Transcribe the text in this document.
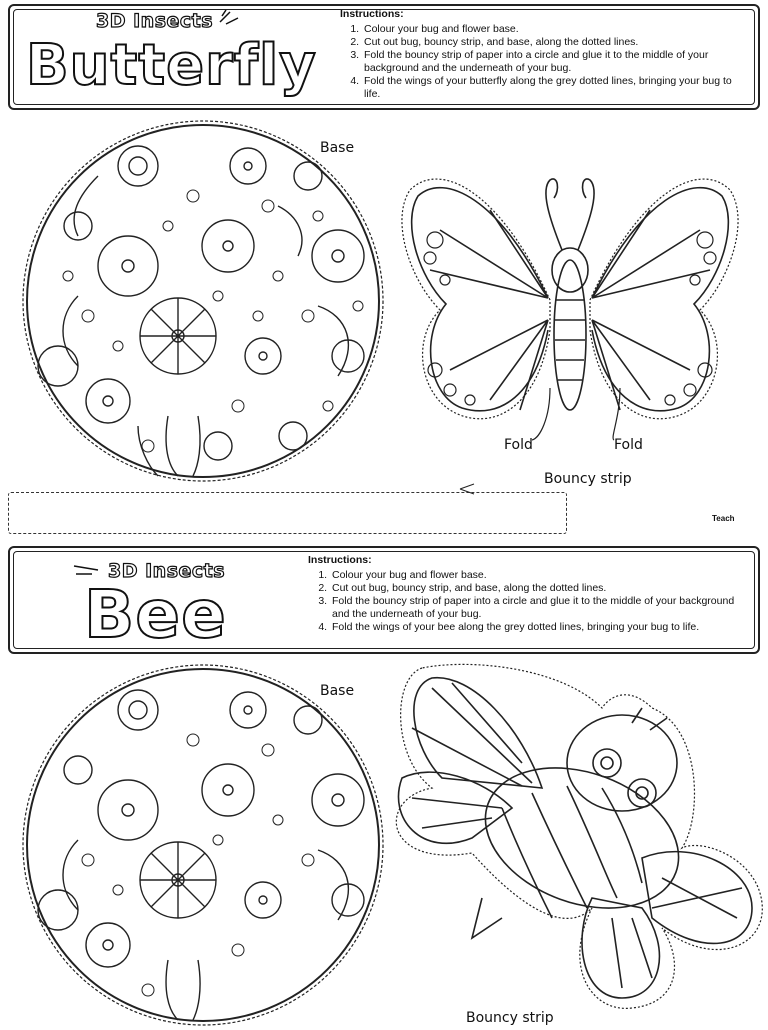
3D Insects
Butterfly
Instructions:
1. Colour your bug and flower base.
2. Cut out bug, bouncy strip, and base, along the dotted lines.
3. Fold the bouncy strip of paper into a circle and glue it to the middle of your background and the underneath of your bug.
4. Fold the wings of your butterfly along the grey dotted lines, bringing your bug to life.
Base
Fold	Fold
Bouncy strip
Teach
3D Insects
Bee
Instructions:
1. Colour your bug and flower base.
2. Cut out bug, bouncy strip, and base, along the dotted lines.
3. Fold the bouncy strip of paper into a circle and glue it to the middle of your background and the underneath of your bug.
4. Fold the wings of your bee along the grey dotted lines, bringing your bug to life.
Base
Bouncy strip
